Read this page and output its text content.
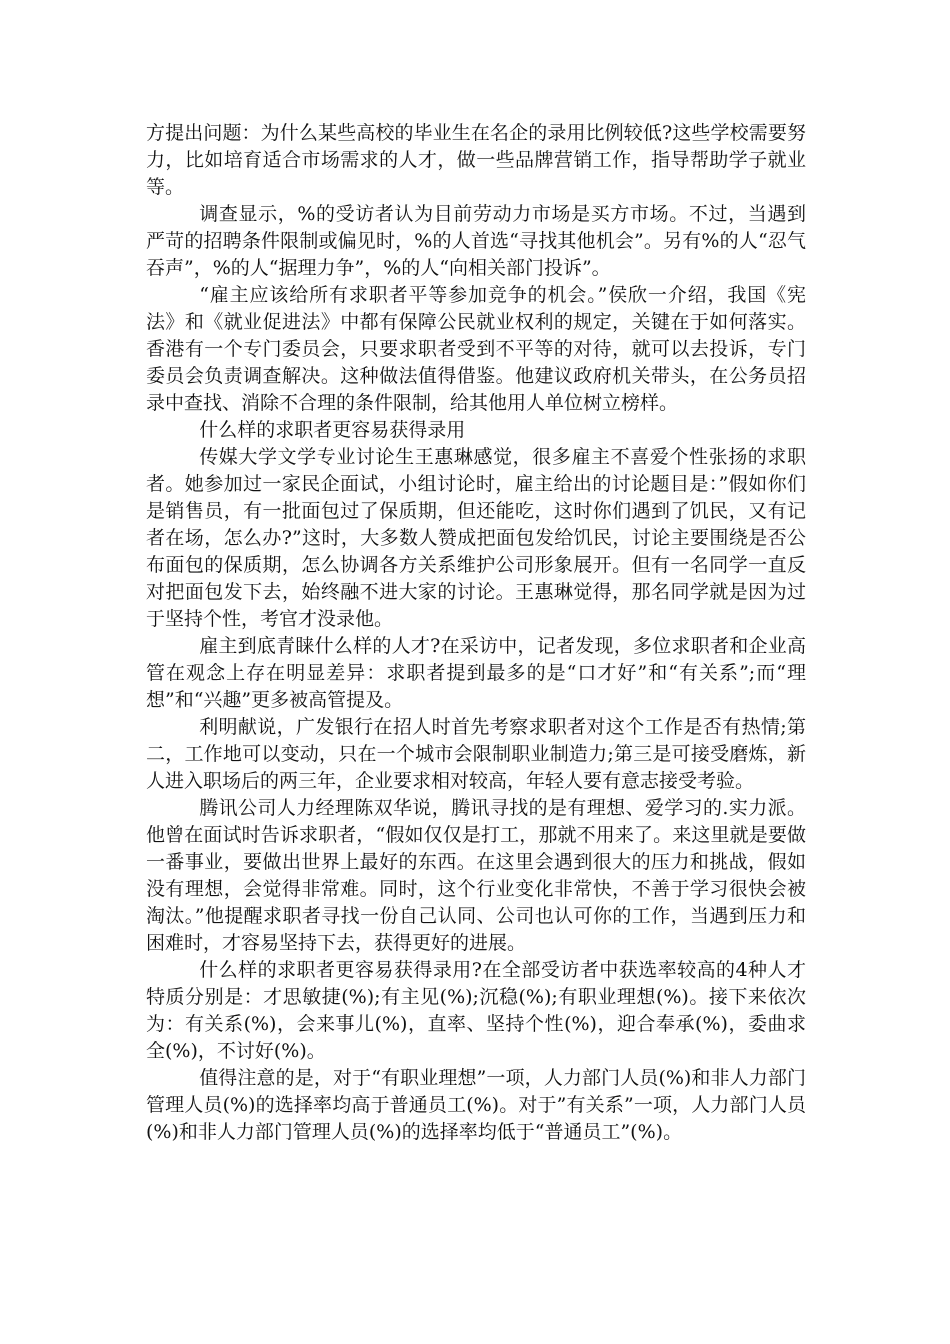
方提出问题：为什么某些高校的毕业生在名企的录用比例较低?这些学校需要努力，比如培育适合市场需求的人才，做一些品牌营销工作，指导帮助学子就业等。

调查显示，%的受访者认为目前劳动力市场是买方市场。不过，当遇到严苛的招聘条件限制或偏见时，%的人首选“寻找其他机会”。另有%的人“忍气吞声”，%的人“据理力争”，%的人“向相关部门投诉”。

“雇主应该给所有求职者平等参加竞争的机会。”侯欣一介绍，我国《宪法》和《就业促进法》中都有保障公民就业权利的规定，关键在于如何落实。香港有一个专门委员会，只要求职者受到不平等的对待，就可以去投诉，专门委员会负责调查解决。这种做法值得借鉴。他建议政府机关带头，在公务员招录中查找、消除不合理的条件限制，给其他用人单位树立榜样。

什么样的求职者更容易获得录用

传媒大学文学专业讨论生王惠琳感觉，很多雇主不喜爱个性张扬的求职者。她参加过一家民企面试，小组讨论时，雇主给出的讨论题目是：”假如你们是销售员，有一批面包过了保质期，但还能吃，这时你们遇到了饥民，又有记者在场，怎么办?”这时，大多数人赞成把面包发给饥民，讨论主要围绕是否公布面包的保质期，怎么协调各方关系维护公司形象展开。但有一名同学一直反对把面包发下去，始终融不进大家的讨论。王惠琳觉得，那名同学就是因为过于坚持个性，考官才没录他。

雇主到底青睐什么样的人才?在采访中，记者发现，多位求职者和企业高管在观念上存在明显差异：求职者提到最多的是“口才好”和“有关系”;而“理想”和“兴趣”更多被高管提及。

利明献说，广发银行在招人时首先考察求职者对这个工作是否有热情;第二，工作地可以变动，只在一个城市会限制职业制造力;第三是可接受磨炼，新人进入职场后的两三年，企业要求相对较高，年轻人要有意志接受考验。

腾讯公司人力经理陈双华说，腾讯寻找的是有理想、爱学习的.实力派。他曾在面试时告诉求职者，“假如仅仅是打工，那就不用来了。来这里就是要做一番事业，要做出世界上最好的东西。在这里会遇到很大的压力和挑战，假如没有理想，会觉得非常难。同时，这个行业变化非常快，不善于学习很快会被淘汰。”他提醒求职者寻找一份自己认同、公司也认可你的工作，当遇到压力和困难时，才容易坚持下去，获得更好的进展。

什么样的求职者更容易获得录用?在全部受访者中获选率较高的4种人才特质分别是：才思敏捷(%);有主见(%);沉稳(%);有职业理想(%)。接下来依次为：有关系(%)，会来事儿(%)，直率、坚持个性(%)，迎合奉承(%)，委曲求全(%)，不讨好(%)。

值得注意的是，对于“有职业理想”一项，人力部门人员(%)和非人力部门管理人员(%)的选择率均高于普通员工(%)。对于”有关系”一项，人力部门人员(%)和非人力部门管理人员(%)的选择率均低于“普通员工”(%)。
